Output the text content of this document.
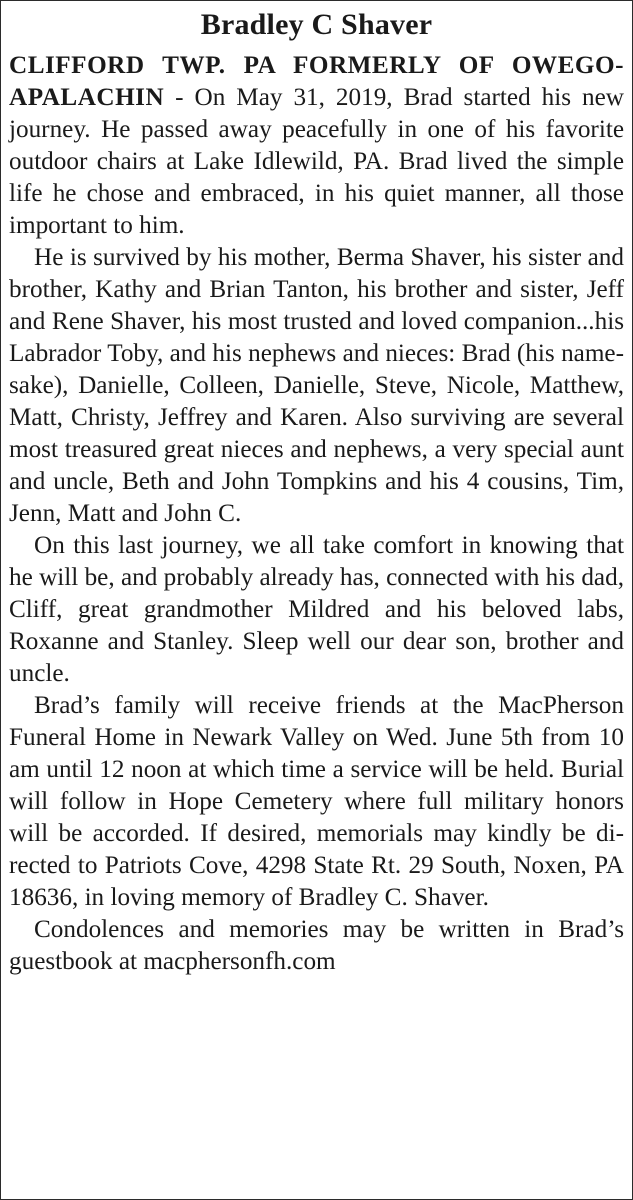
Bradley C Shaver

CLIFFORD TWP. PA FORMERLY OF OWEGO-APALACHIN - On May 31, 2019, Brad started his new journey. He passed away peacefully in one of his favorite outdoor chairs at Lake Idlewild, PA. Brad lived the simple life he chose and embraced, in his quiet manner, all those important to him.

He is survived by his mother, Berma Shaver, his sister and brother, Kathy and Brian Tanton, his brother and sister, Jeff and Rene Shaver, his most trusted and loved companion...his Labrador Toby, and his nephews and nieces: Brad (his namesake), Danielle, Colleen, Danielle, Steve, Nicole, Matthew, Matt, Christy, Jeffrey and Karen. Also surviving are several most treasured great nieces and nephews, a very special aunt and uncle, Beth and John Tompkins and his 4 cousins, Tim, Jenn, Matt and John C.

On this last journey, we all take comfort in knowing that he will be, and probably already has, connected with his dad, Cliff, great grandmother Mildred and his beloved labs, Roxanne and Stanley. Sleep well our dear son, brother and uncle.

Brad’s family will receive friends at the MacPherson Funeral Home in Newark Valley on Wed. June 5th from 10 am until 12 noon at which time a service will be held. Burial will follow in Hope Cemetery where full military honors will be accorded. If desired, memorials may kindly be directed to Patriots Cove, 4298 State Rt. 29 South, Noxen, PA 18636, in loving memory of Bradley C. Shaver.

Condolences and memories may be written in Brad’s guestbook at macphersonfh.com
